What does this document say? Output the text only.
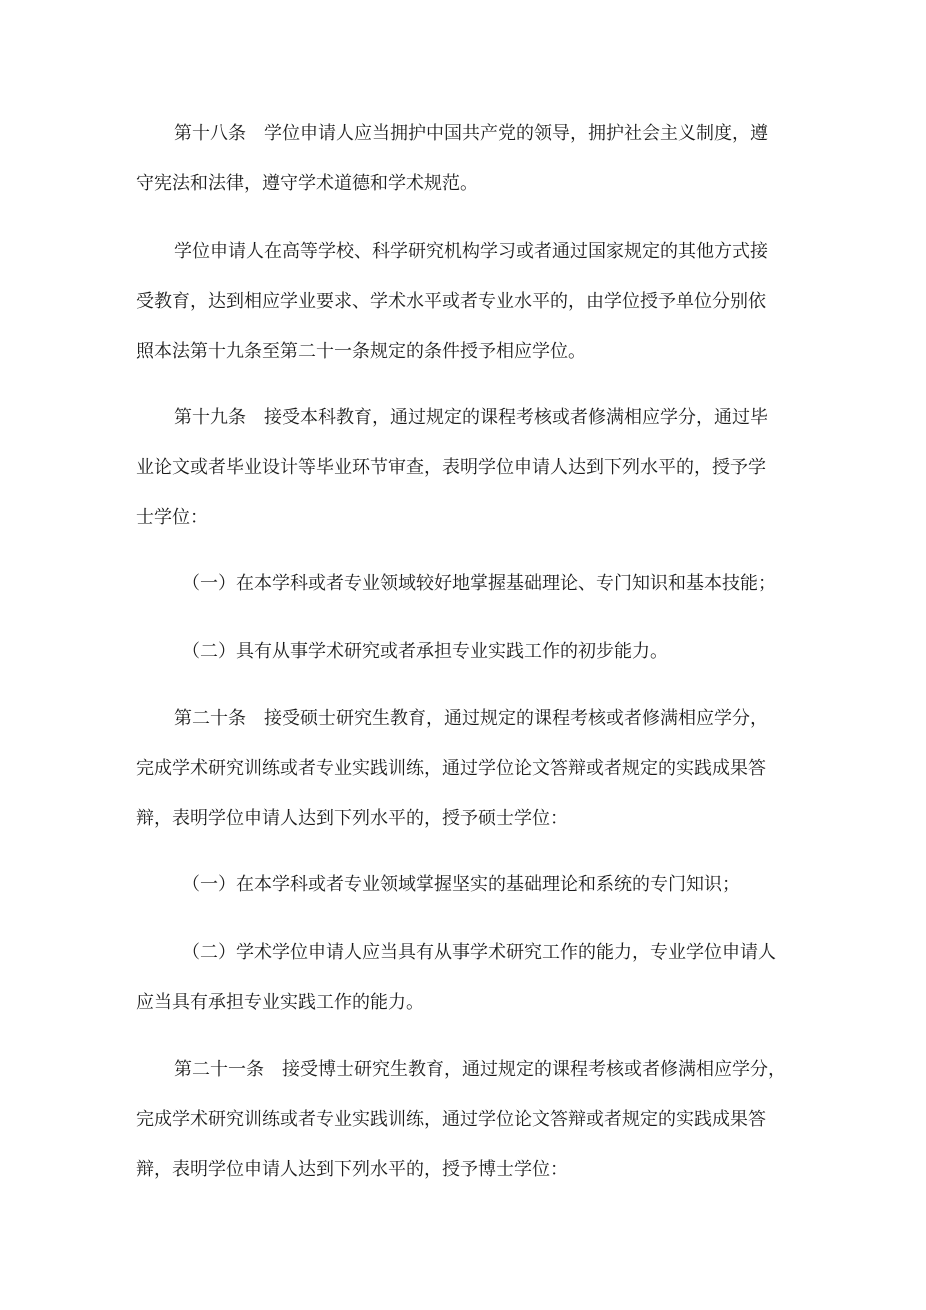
第十八条　学位申请人应当拥护中国共产党的领导，拥护社会主义制度，遵
守宪法和法律，遵守学术道德和学术规范。
学位申请人在高等学校、科学研究机构学习或者通过国家规定的其他方式接
受教育，达到相应学业要求、学术水平或者专业水平的，由学位授予单位分别依
照本法第十九条至第二十一条规定的条件授予相应学位。
第十九条　接受本科教育，通过规定的课程考核或者修满相应学分，通过毕
业论文或者毕业设计等毕业环节审查，表明学位申请人达到下列水平的，授予学
士学位：
（一）在本学科或者专业领域较好地掌握基础理论、专门知识和基本技能；
（二）具有从事学术研究或者承担专业实践工作的初步能力。
第二十条　接受硕士研究生教育，通过规定的课程考核或者修满相应学分，
完成学术研究训练或者专业实践训练，通过学位论文答辩或者规定的实践成果答
辩，表明学位申请人达到下列水平的，授予硕士学位：
（一）在本学科或者专业领域掌握坚实的基础理论和系统的专门知识；
（二）学术学位申请人应当具有从事学术研究工作的能力，专业学位申请人
应当具有承担专业实践工作的能力。
第二十一条　接受博士研究生教育，通过规定的课程考核或者修满相应学分，
完成学术研究训练或者专业实践训练，通过学位论文答辩或者规定的实践成果答
辩，表明学位申请人达到下列水平的，授予博士学位：
